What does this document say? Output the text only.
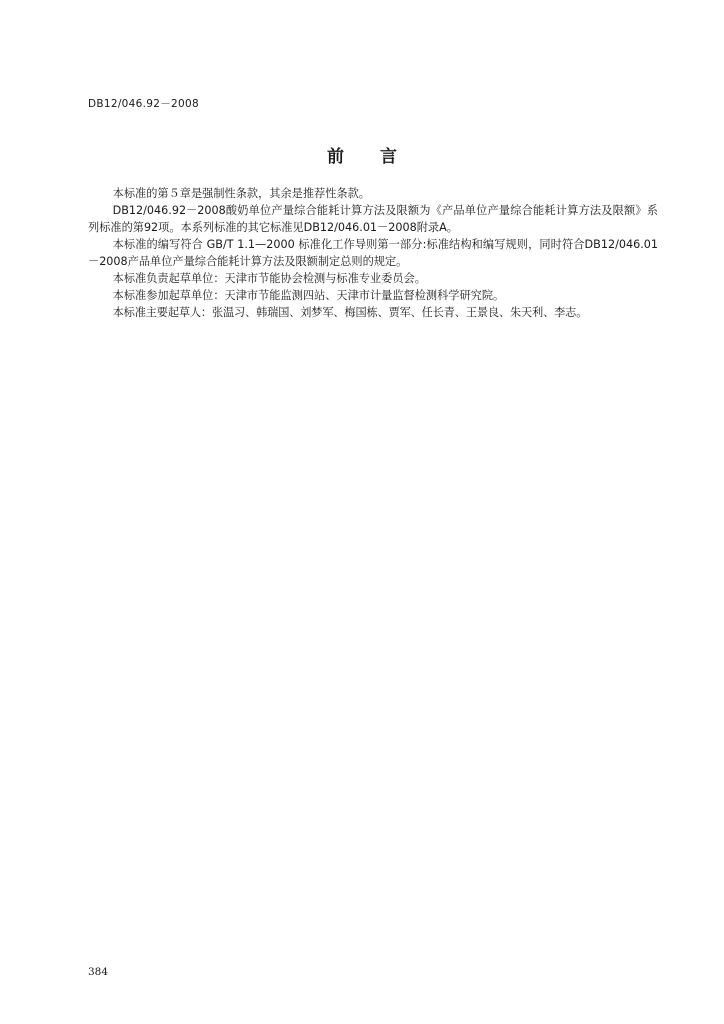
DB12/046.92－2008
前 言

本标准的第５章是强制性条款，其余是推荐性条款。

DB12/046.92－2008酸奶单位产量综合能耗计算方法及限额为《产品单位产量综合能耗计算方法及限额》系列标准的第92项。本系列标准的其它标准见DB12/046.01－2008附录A。

本标准的编写符合 GB/T 1.1—2000 标准化工作导则第一部分:标准结构和编写规则，同时符合DB12/046.01－2008产品单位产量综合能耗计算方法及限额制定总则的规定。

本标准负责起草单位：天津市节能协会检测与标准专业委员会。

本标准参加起草单位：天津市节能监测四站、天津市计量监督检测科学研究院。

本标准主要起草人：张温习、韩瑞国、刘梦军、梅国栋、贾军、任长青、王景良、朱天利、李志。

384
